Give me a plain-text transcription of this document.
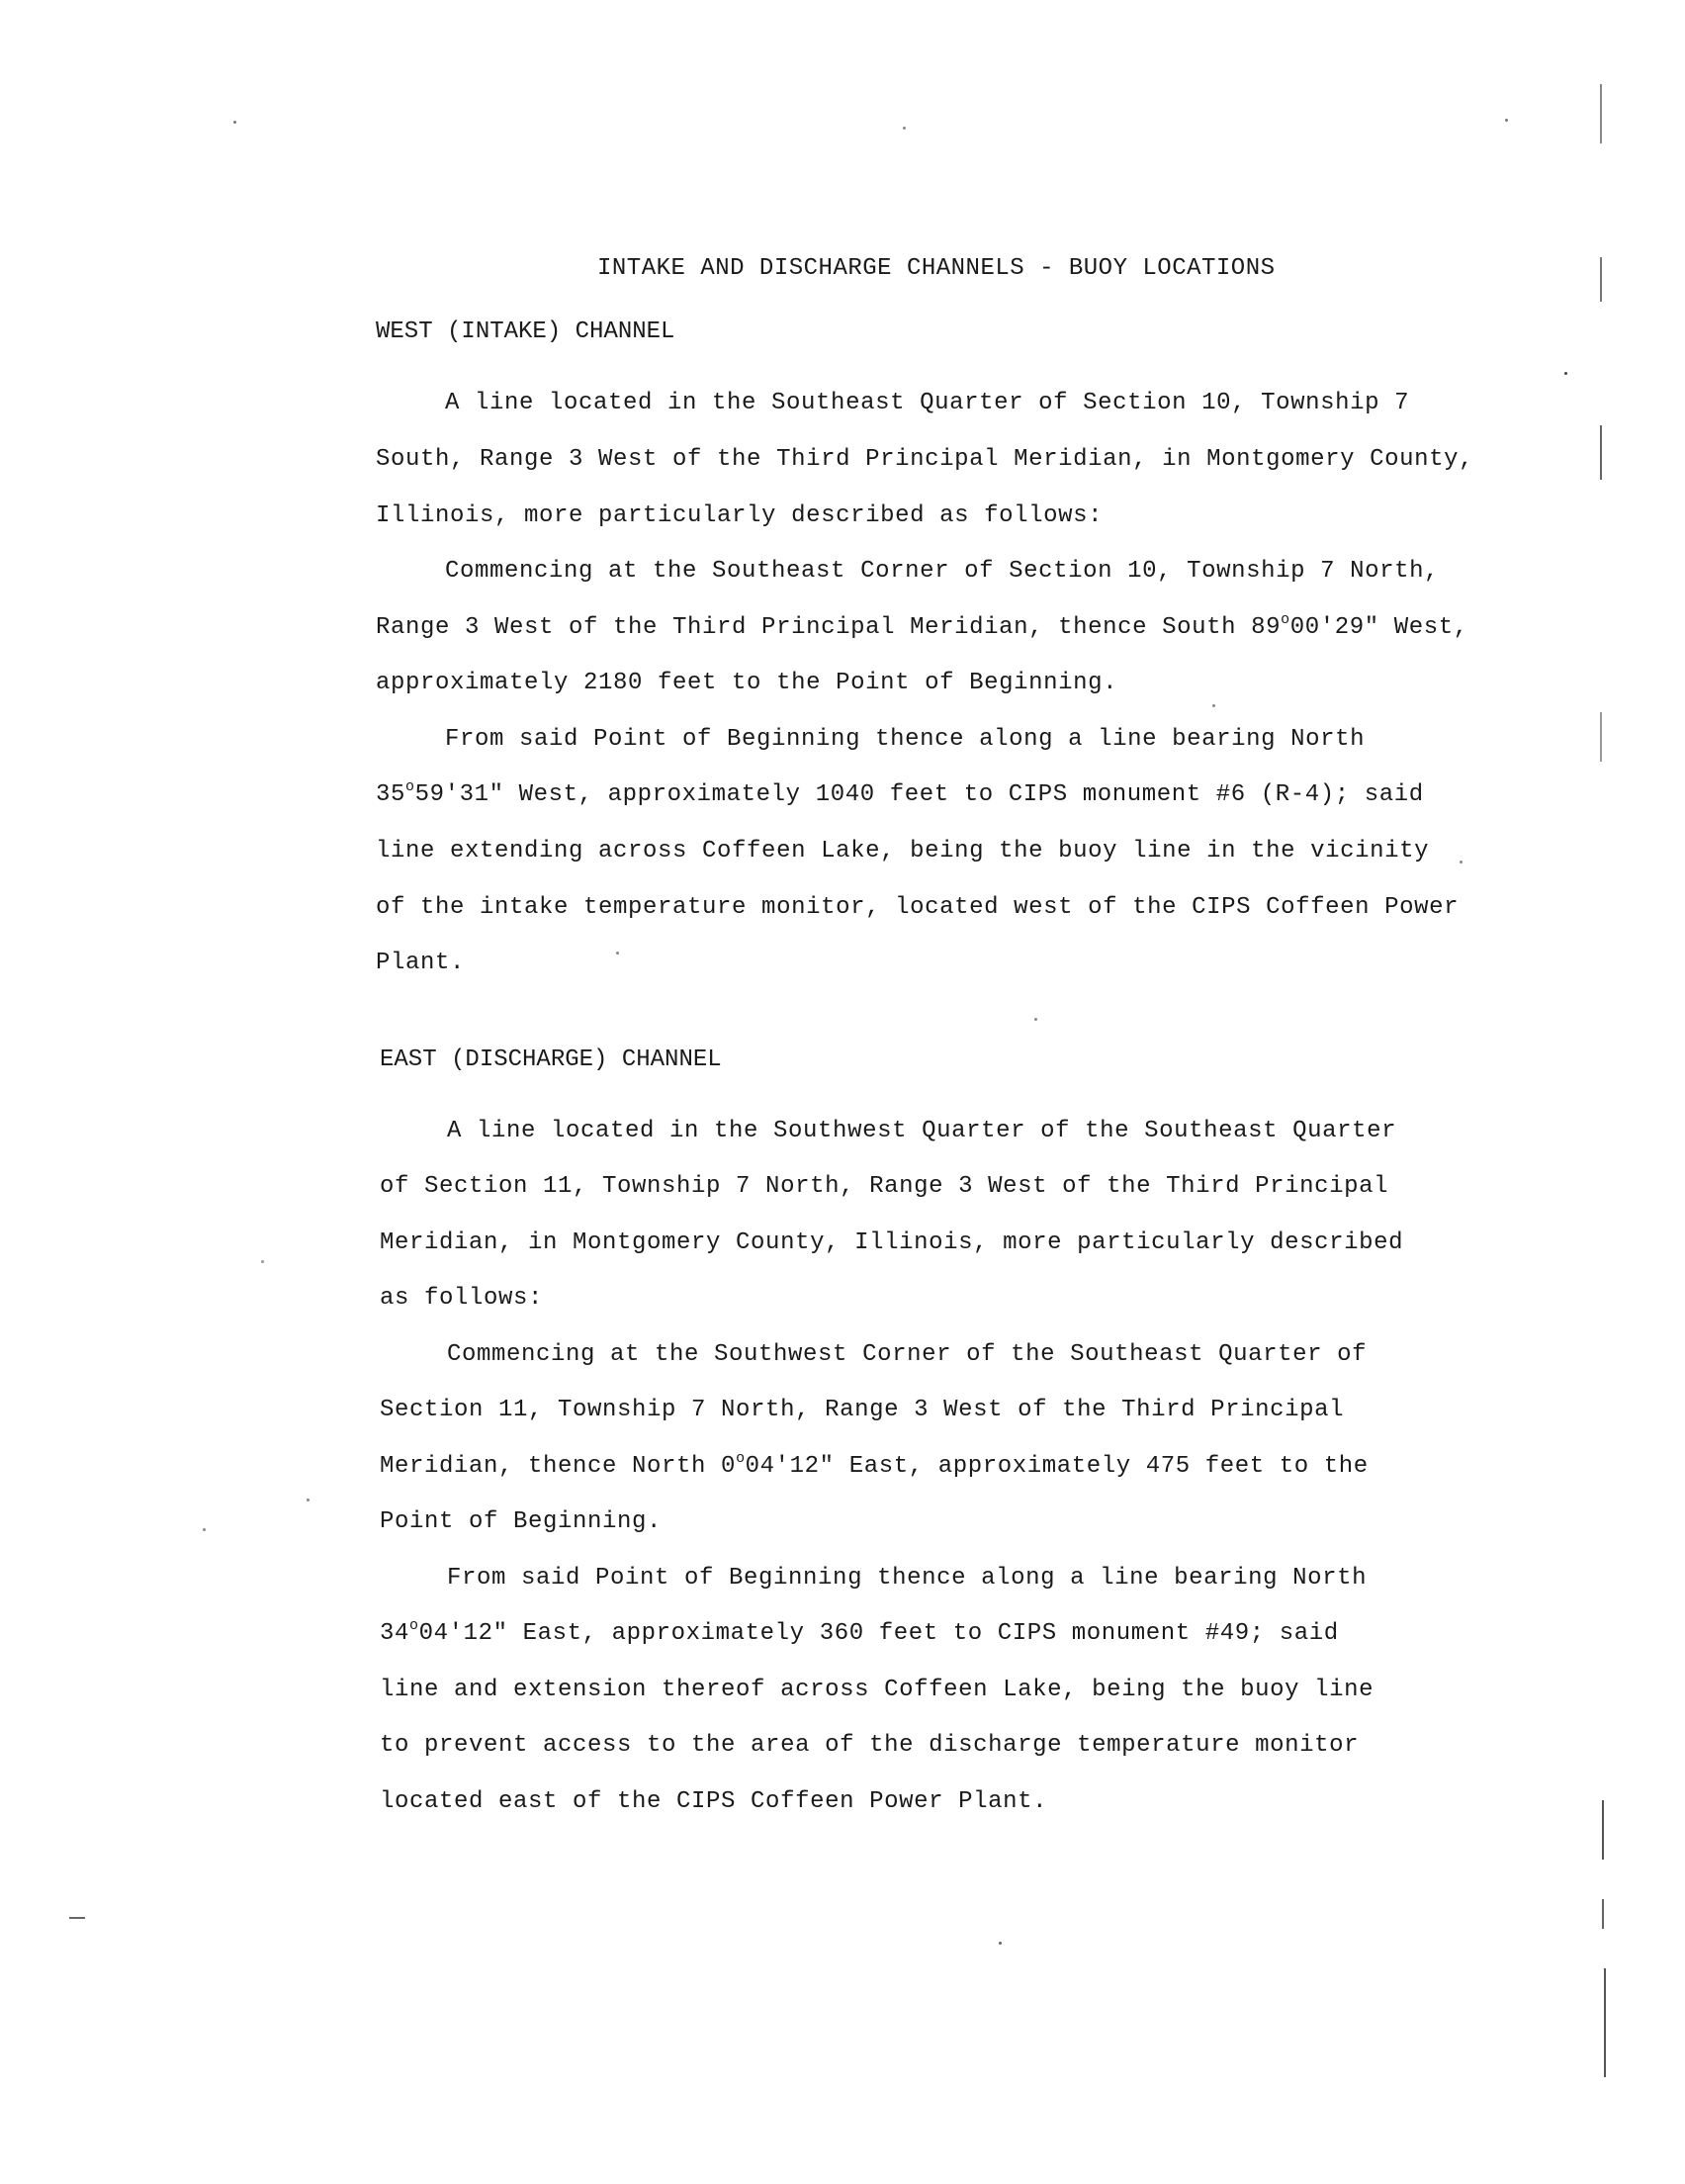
INTAKE AND DISCHARGE CHANNELS - BUOY LOCATIONS
WEST (INTAKE) CHANNEL
A line located in the Southeast Quarter of Section 10, Township 7
South, Range 3 West of the Third Principal Meridian, in Montgomery County,
Illinois, more particularly described as follows:
Commencing at the Southeast Corner of Section 10, Township 7 North,
Range 3 West of the Third Principal Meridian, thence South 89$^o$00'29" West,
approximately 2180 feet to the Point of Beginning.
From said Point of Beginning thence along a line bearing North
35$^o$59'31" West, approximately 1040 feet to CIPS monument #6 (R-4); said
line extending across Coffeen Lake, being the buoy line in the vicinity
of the intake temperature monitor, located west of the CIPS Coffeen Power
Plant.
EAST (DISCHARGE) CHANNEL
A line located in the Southwest Quarter of the Southeast Quarter
of Section 11, Township 7 North, Range 3 West of the Third Principal
Meridian, in Montgomery County, Illinois, more particularly described
as follows:
Commencing at the Southwest Corner of the Southeast Quarter of
Section 11, Township 7 North, Range 3 West of the Third Principal
Meridian, thence North 0$^o$04'12" East, approximately 475 feet to the
Point of Beginning.
From said Point of Beginning thence along a line bearing North
34$^o$04'12" East, approximately 360 feet to CIPS monument #49; said
line and extension thereof across Coffeen Lake, being the buoy line
to prevent access to the area of the discharge temperature monitor
located east of the CIPS Coffeen Power Plant.
